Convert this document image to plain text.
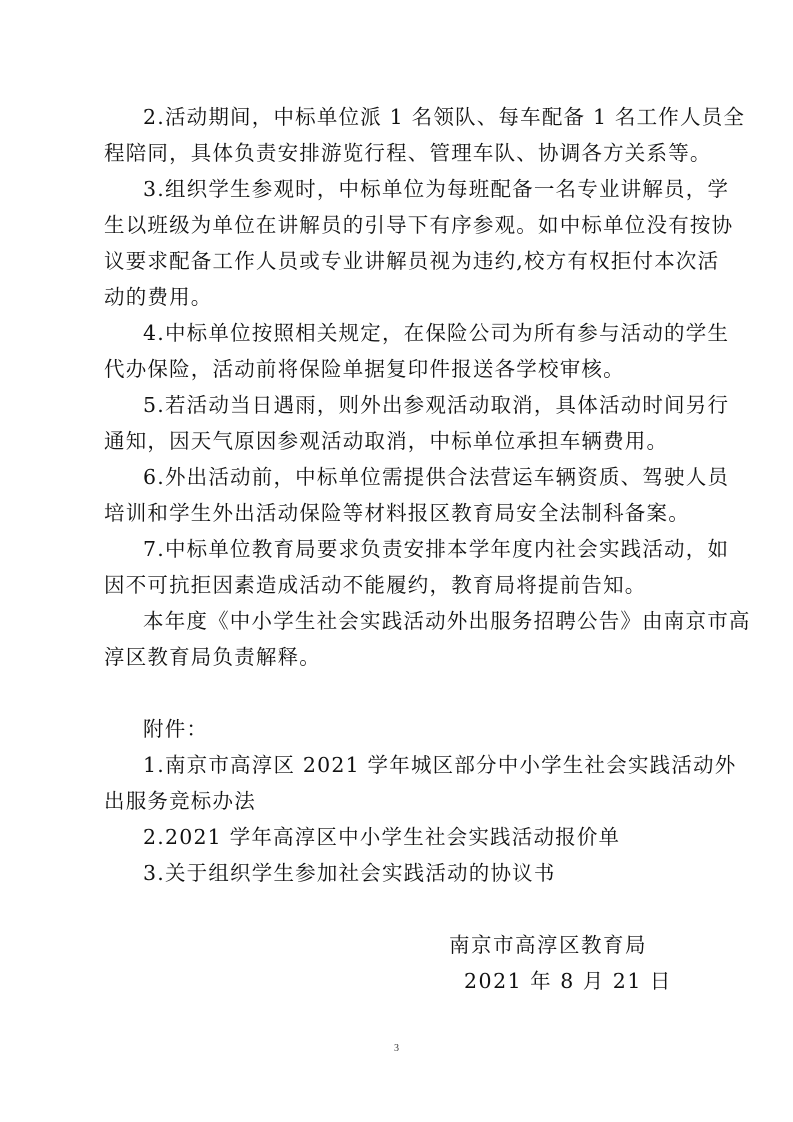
2.活动期间，中标单位派 1 名领队、每车配备 1 名工作人员全
程陪同，具体负责安排游览行程、管理车队、协调各方关系等。
3.组织学生参观时，中标单位为每班配备一名专业讲解员，学
生以班级为单位在讲解员的引导下有序参观。如中标单位没有按协
议要求配备工作人员或专业讲解员视为违约,校方有权拒付本次活
动的费用。
4.中标单位按照相关规定，在保险公司为所有参与活动的学生
代办保险，活动前将保险单据复印件报送各学校审核。
5.若活动当日遇雨，则外出参观活动取消，具体活动时间另行
通知，因天气原因参观活动取消，中标单位承担车辆费用。
6.外出活动前，中标单位需提供合法营运车辆资质、驾驶人员
培训和学生外出活动保险等材料报区教育局安全法制科备案。
7.中标单位教育局要求负责安排本学年度内社会实践活动，如
因不可抗拒因素造成活动不能履约，教育局将提前告知。
本年度《中小学生社会实践活动外出服务招聘公告》由南京市高
淳区教育局负责解释。
附件：
1.南京市高淳区 2021 学年城区部分中小学生社会实践活动外
出服务竞标办法
2.2021 学年高淳区中小学生社会实践活动报价单
3.关于组织学生参加社会实践活动的协议书
南京市高淳区教育局
2021 年 8 月 21 日
3
